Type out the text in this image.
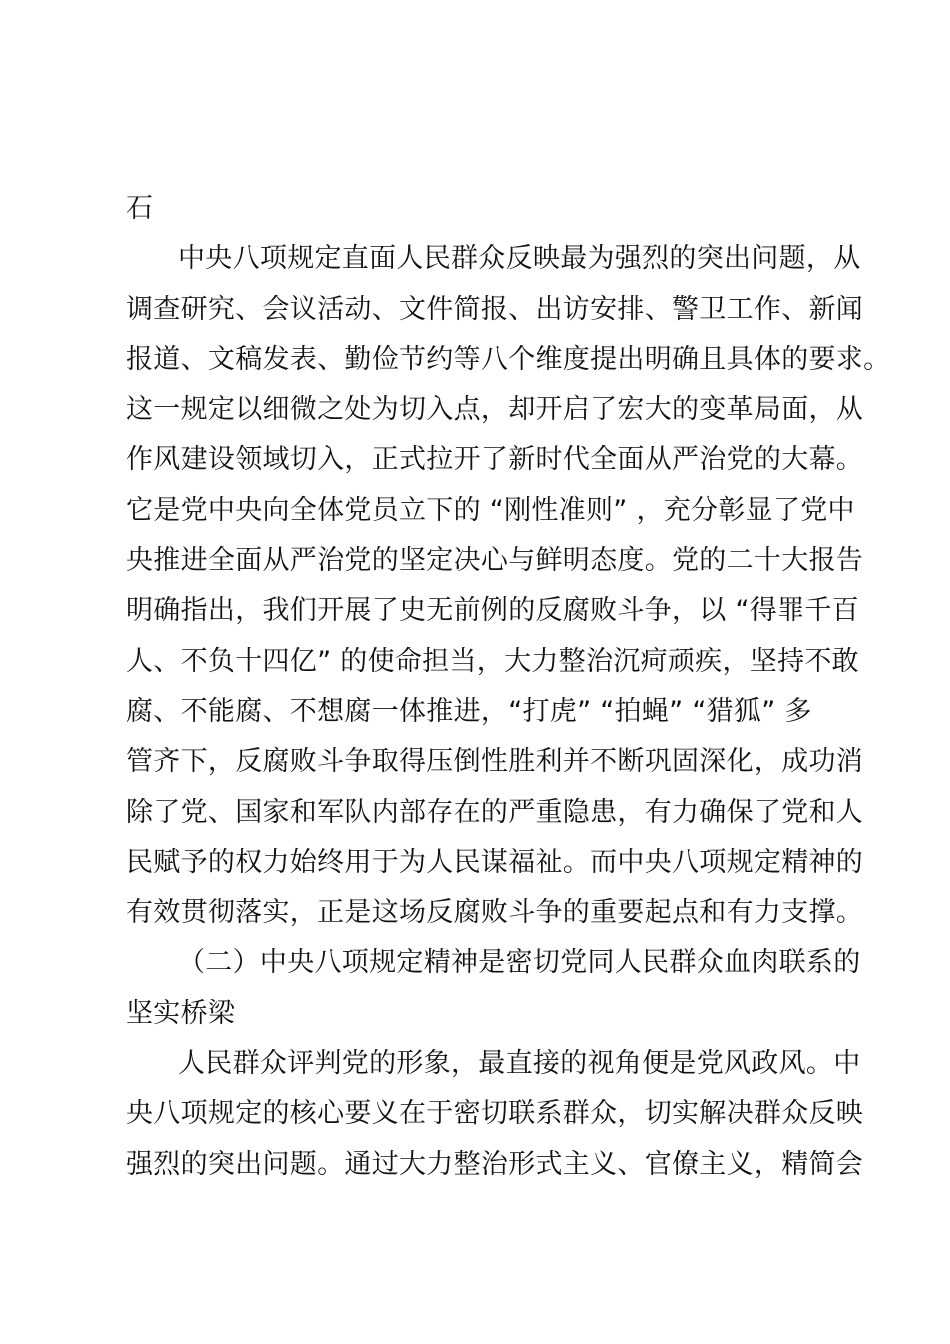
石
中央八项规定直面人民群众反映最为强烈的突出问题，从
调查研究、会议活动、文件简报、出访安排、警卫工作、新闻
报道、文稿发表、勤俭节约等八个维度提出明确且具体的要求。
这一规定以细微之处为切入点，却开启了宏大的变革局面，从
作风建设领域切入，正式拉开了新时代全面从严治党的大幕。
它是党中央向全体党员立下的 “刚性准则” ，充分彰显了党中
央推进全面从严治党的坚定决心与鲜明态度。党的二十大报告
明确指出，我们开展了史无前例的反腐败斗争，以 “得罪千百
人、不负十四亿” 的使命担当，大力整治沉疴顽疾，坚持不敢
腐、不能腐、不想腐一体推进，“打虎” “拍蝇” “猎狐” 多
管齐下，反腐败斗争取得压倒性胜利并不断巩固深化，成功消
除了党、国家和军队内部存在的严重隐患，有力确保了党和人
民赋予的权力始终用于为人民谋福祉。而中央八项规定精神的
有效贯彻落实，正是这场反腐败斗争的重要起点和有力支撑。
（二）中央八项规定精神是密切党同人民群众血肉联系的
坚实桥梁
人民群众评判党的形象，最直接的视角便是党风政风。中
央八项规定的核心要义在于密切联系群众，切实解决群众反映
强烈的突出问题。通过大力整治形式主义、官僚主义，精简会
